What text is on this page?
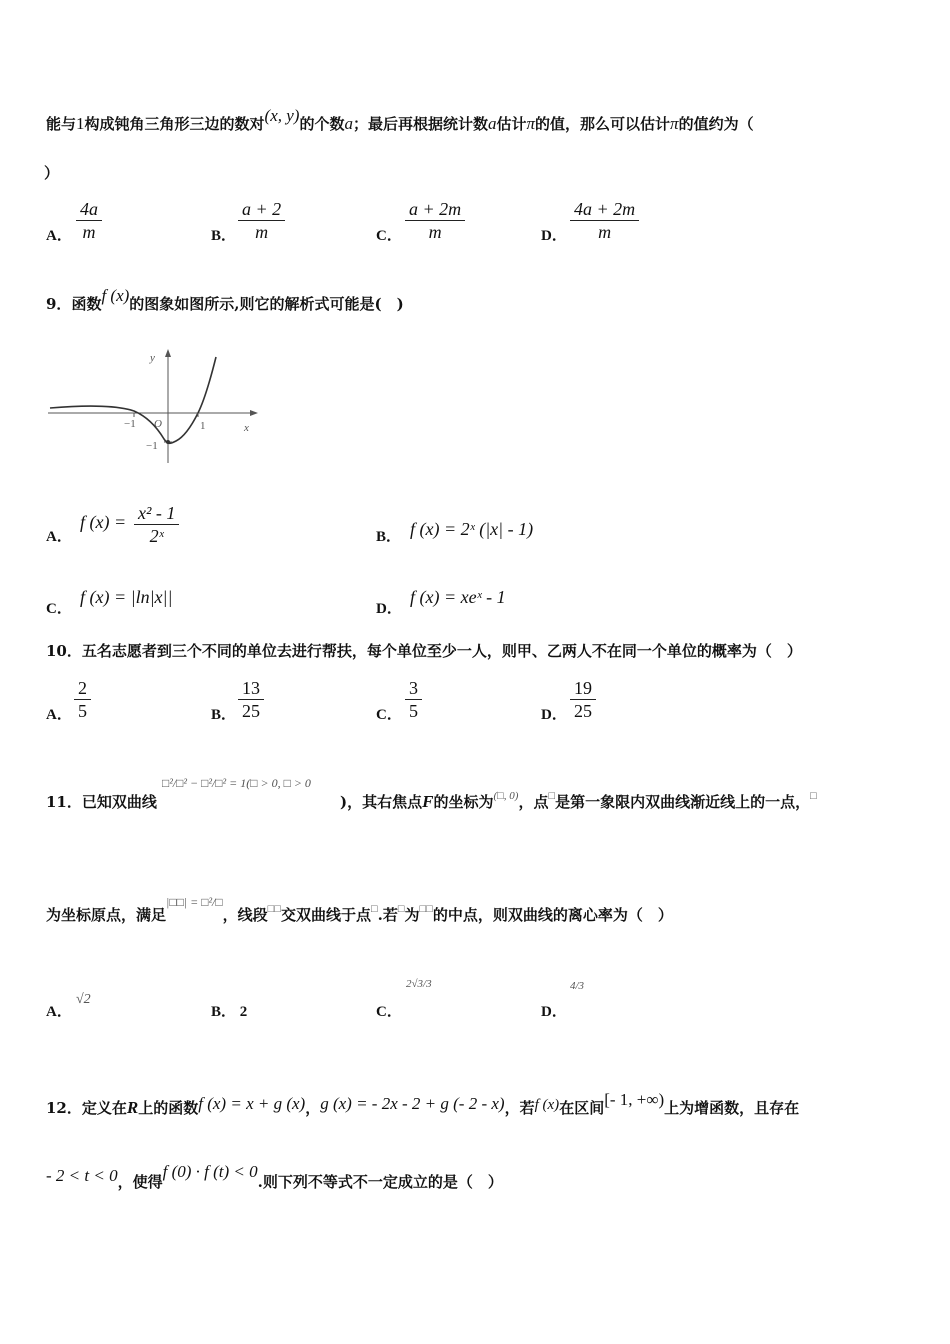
能与1构成钝角三角形三边的数对(x, y)的个数a；最后再根据统计数a估计π的值，那么可以估计π的值约为（
）
A． $\frac{4a}{m}$	B． $\frac{a + 2}{m}$	C． $\frac{a + 2m}{m}$	D． $\frac{4a + 2m}{m}$
9．函数f (x)的图象如图所示,则它的解析式可能是(　)
y
x
O
−1	1
−1
A．
f $(x) = \frac{\text{x² - 1}}{\text{2ˣ}}$	B． f (x) = 2ˣ (|x| - 1)
C．
f (x) = |ln|x||
D．
f (x) = xeˣ - 1
10．五名志愿者到三个不同的单位去进行帮扶，每个单位至少一人，则甲、乙两人不在同一个单位的概率为（　）
A． $\frac{2}{5}$	B． $\frac{13}{25}$	C． $\frac{3}{5}$	D． $\frac{19}{25}$
11．已知双曲线
□²/□² − □²/□² = 1(□ > 0, □ > 0
)，其右焦点F的坐标为$^{(□, 0)}$，点□是第一象限内双曲线渐近线上的一点，□
为坐标原点，满足$^{|□□| = □^2/□}$，线段□□交双曲线于点□.若□为□□的中点，则双曲线的离心率为（　）
A．
√2
B． 2	C．
2√3/3
D．
4/3
12．定义在R上的函数f (x) = x + g (x)，g (x) = - 2x - 2 + g (- 2 - x)，若f (x)在区间[- 1, +∞)上为增函数，且存在
- 2 < t < 0，使得f (0) · f (t) < 0.则下列不等式不一定成立的是（　）
